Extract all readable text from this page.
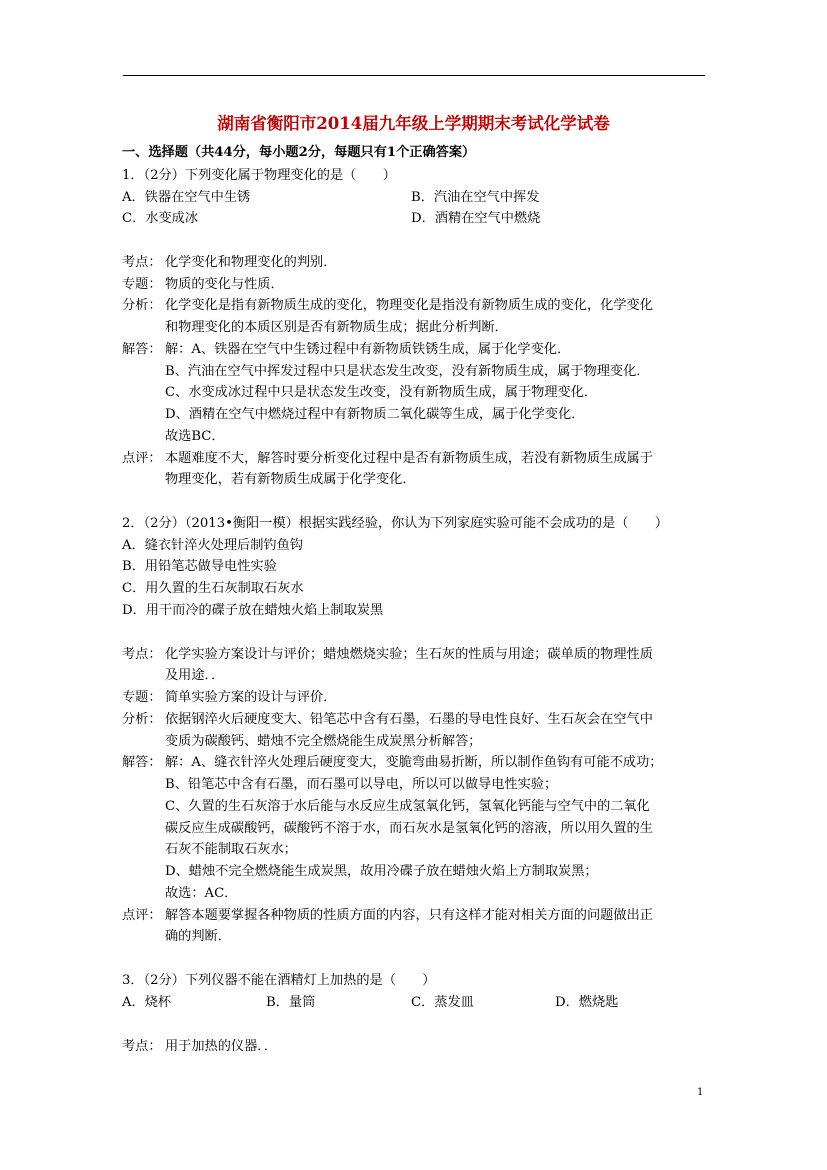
湖南省衡阳市2014届九年级上学期期末考试化学试卷
一、选择题（共44分，每小题2分，每题只有1个正确答案）
1．（2分）下列变化属于物理变化的是（　　）
A．铁器在空气中生锈	B．汽油在空气中挥发
C．水变成冰	D．酒精在空气中燃烧
考点： 化学变化和物理变化的判别．
专题： 物质的变化与性质．
分析： 化学变化是指有新物质生成的变化，物理变化是指没有新物质生成的变化，化学变化
和物理变化的本质区别是否有新物质生成；据此分析判断．
解答： 解：A、铁器在空气中生锈过程中有新物质铁锈生成，属于化学变化．
B、汽油在空气中挥发过程中只是状态发生改变，没有新物质生成，属于物理变化．
C、水变成冰过程中只是状态发生改变，没有新物质生成，属于物理变化．
D、酒精在空气中燃烧过程中有新物质二氧化碳等生成，属于化学变化．
故选BC．
点评： 本题难度不大，解答时要分析变化过程中是否有新物质生成，若没有新物质生成属于
物理变化，若有新物质生成属于化学变化．
2．（2分）（2013•衡阳一模）根据实践经验，你认为下列家庭实验可能不会成功的是（　　）
A．缝衣针淬火处理后制钓鱼钩
B．用铅笔芯做导电性实验
C．用久置的生石灰制取石灰水
D．用干而冷的碟子放在蜡烛火焰上制取炭黑
考点： 化学实验方案设计与评价；蜡烛燃烧实验；生石灰的性质与用途；碳单质的物理性质
及用途．．
专题： 简单实验方案的设计与评价．
分析： 依据钢淬火后硬度变大、铅笔芯中含有石墨，石墨的导电性良好、生石灰会在空气中
变质为碳酸钙、蜡烛不完全燃烧能生成炭黑分析解答；
解答： 解：A、缝衣针淬火处理后硬度变大，变脆弯曲易折断，所以制作鱼钩有可能不成功；
B、铅笔芯中含有石墨，而石墨可以导电，所以可以做导电性实验；
C、久置的生石灰溶于水后能与水反应生成氢氧化钙，氢氧化钙能与空气中的二氧化
碳反应生成碳酸钙，碳酸钙不溶于水，而石灰水是氢氧化钙的溶液，所以用久置的生
石灰不能制取石灰水；
D、蜡烛不完全燃烧能生成炭黑，故用冷碟子放在蜡烛火焰上方制取炭黑；
故选：AC．
点评： 解答本题要掌握各种物质的性质方面的内容，只有这样才能对相关方面的问题做出正
确的判断．
3．（2分）下列仪器不能在酒精灯上加热的是（　　）
A．烧杯	B．量筒	C．蒸发皿	D．燃烧匙
考点： 用于加热的仪器．．
1
